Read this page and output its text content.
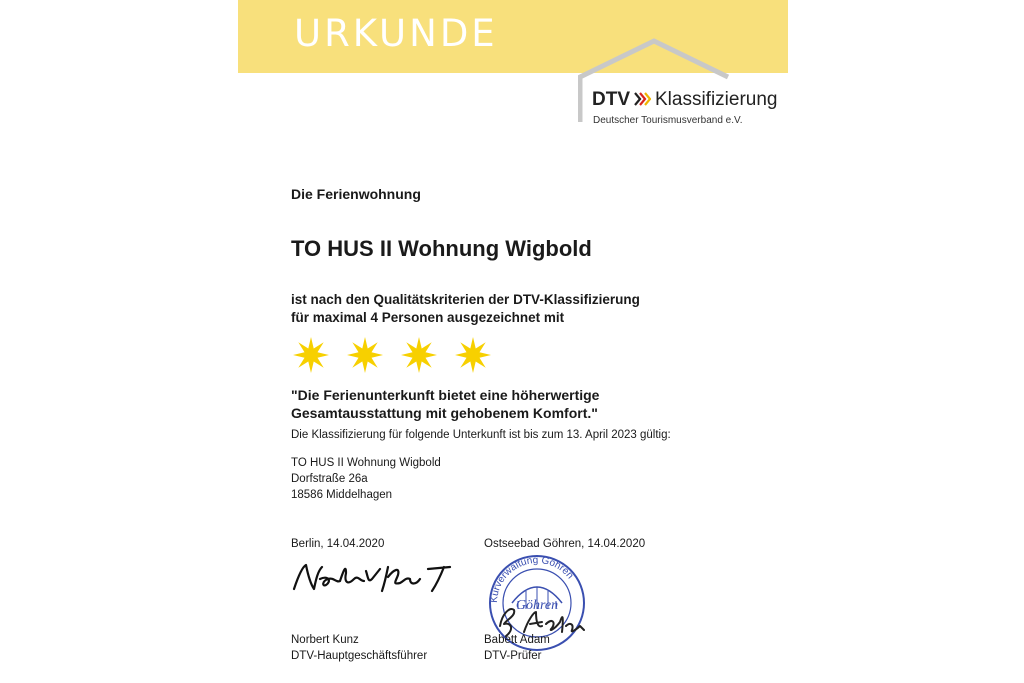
URKUNDE
DTV Klassifizierung
Deutscher Tourismusverband e.V.
Die Ferienwohnung
TO HUS II Wohnung Wigbold
ist nach den Qualitätskriterien der DTV-Klassifizierung
für maximal 4 Personen ausgezeichnet mit
"Die Ferienunterkunft bietet eine höherwertige
Gesamtausstattung mit gehobenem Komfort."
Die Klassifizierung für folgende Unterkunft ist bis zum 13. April 2023 gültig:
TO HUS II Wohnung Wigbold
Dorfstraße 26a
18586 Middelhagen
Berlin, 14.04.2020	Ostseebad Göhren, 14.04.2020
Kurverwaltung Göhren
Göhren
Norbert Kunz
DTV-Hauptgeschäftsführer
Babett Adam
DTV-Prüfer
